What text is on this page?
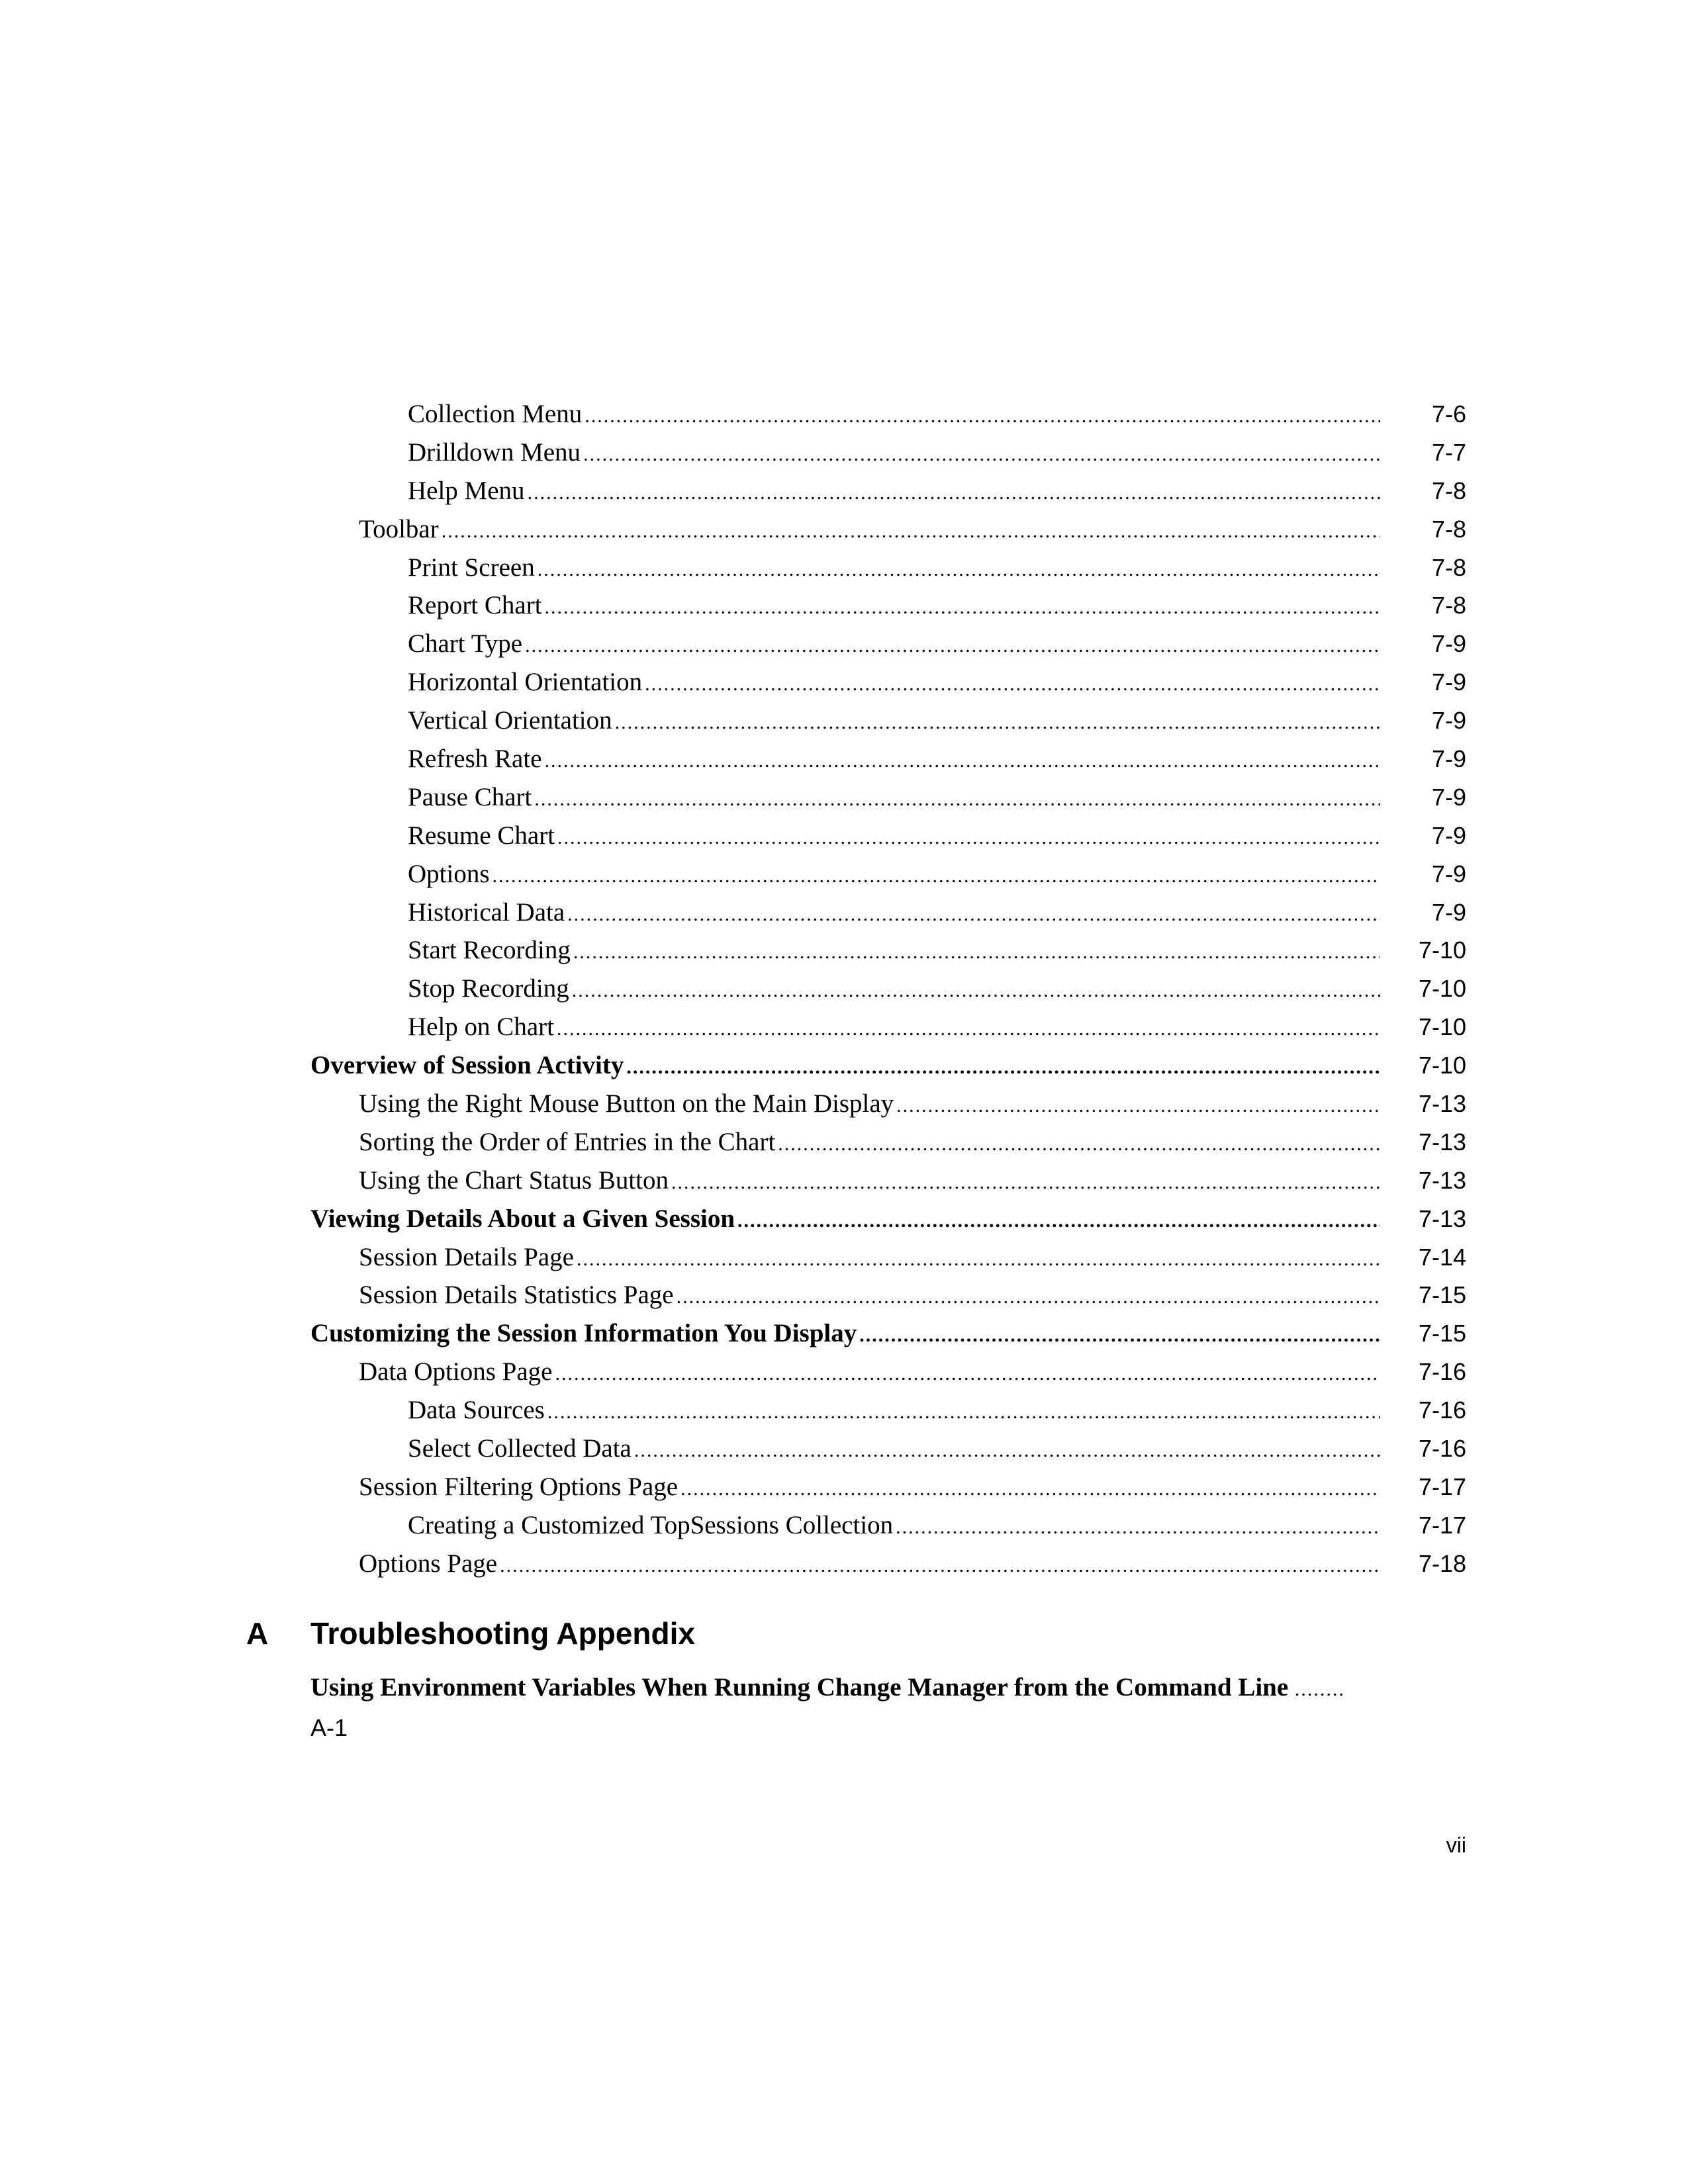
Collection Menu .....	7-6
Drilldown Menu .....	7-7
Help Menu .....	7-8
Toolbar .....	7-8
Print Screen .....	7-8
Report Chart .....	7-8
Chart Type .....	7-9
Horizontal Orientation .....	7-9
Vertical Orientation .....	7-9
Refresh Rate .....	7-9
Pause Chart .....	7-9
Resume Chart .....	7-9
Options .....	7-9
Historical Data .....	7-9
Start Recording .....	7-10
Stop Recording .....	7-10
Help on Chart .....	7-10
Overview of Session Activity .....	7-10
Using the Right Mouse Button on the Main Display .....	7-13
Sorting the Order of Entries in the Chart .....	7-13
Using the Chart Status Button .....	7-13
Viewing Details About a Given Session .....	7-13
Session Details Page .....	7-14
Session Details Statistics Page .....	7-15
Customizing the Session Information You Display .....	7-15
Data Options Page .....	7-16
Data Sources .....	7-16
Select Collected Data .....	7-16
Session Filtering Options Page .....	7-17
Creating a Customized TopSessions Collection .....	7-17
Options Page .....	7-18
A Troubleshooting Appendix
Using Environment Variables When Running Change Manager from the Command Line ........
A-1
vii
